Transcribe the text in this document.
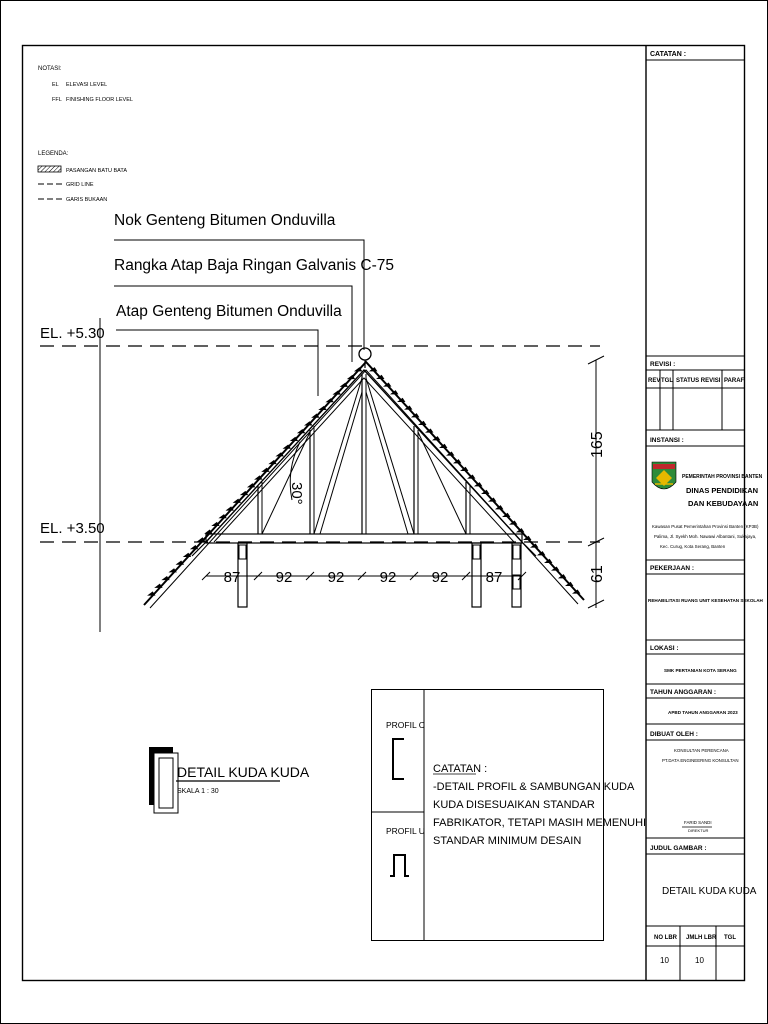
NOTASI:
EL ELEVASI LEVEL
FFL FINISHING FLOOR LEVEL
LEGENDA:
PASANGAN BATU BATA
GRID LINE
GARIS BUKAAN
Nok Genteng Bitumen Onduvilla
Rangka Atap Baja Ringan Galvanis C-75
Atap Genteng Bitumen Onduvilla
EL. +5.30
EL. +3.50
30°
165
61
87 92 92 92 92 87
DETAIL KUDA KUDA
SKALA 1 : 30
PROFIL C
PROFIL U
CATATAN :
-DETAIL PROFIL & SAMBUNGAN KUDA
KUDA DISESUAIKAN STANDAR
FABRIKATOR, TETAPI MASIH MEMENUHI
STANDAR MINIMUM DESAIN
CATATAN :
REVISI :
REV TGL STATUS REVISI PARAF
INSTANSI :
PEMERINTAH PROVINSI BANTEN
DINAS PENDIDIKAN
DAN KEBUDAYAAN
Kawasan Pusat Pemerintahan Provinsi Banten (KP3B)
Palima, Jl. Syekh Moh. Nawawi Albantani, Sukajaya,
Kec. Curug, Kota Serang, Banten
PEKERJAAN :
REHABILITASI RUANG UNIT KESEHATAN SEKOLAH
LOKASI :
SMK PERTANIAN KOTA SERANG
TAHUN ANGGARAN :
APBD TAHUN ANGGARAN 2023
DIBUAT OLEH :
KONSULTAN PERENCANA
PT.DATA ENGINEERING KONSULTAN
FARID SANDI
DIREKTUR
JUDUL GAMBAR :
DETAIL KUDA KUDA
NO LBR JMLH LBR TGL
10	10
